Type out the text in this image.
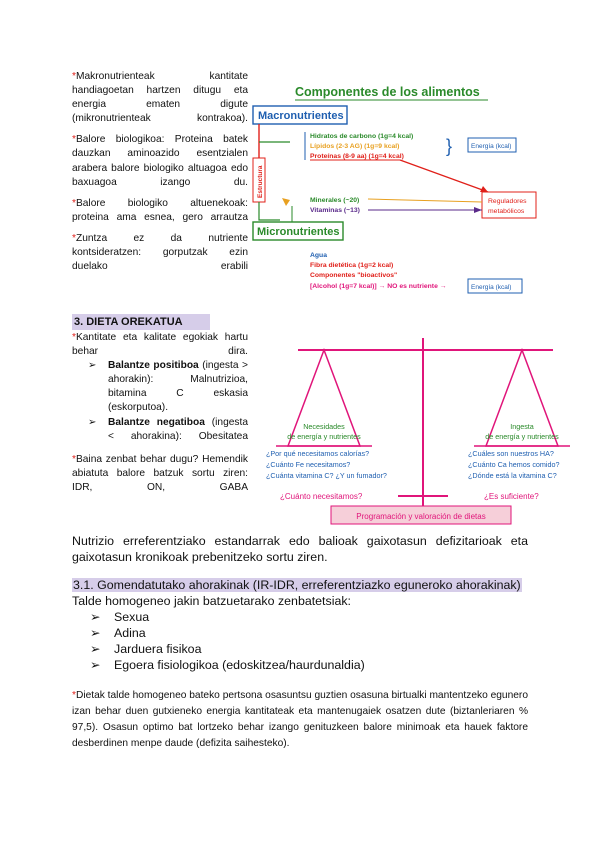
*Makronutrienteak kantitate handiagoetan hartzen ditugu eta energia ematen digute (mikronutrienteak kontrakoa).

*Balore biologikoa: Proteina batek dauzkan aminoazido esentzialen arabera balore biologiko altuagoa edo baxuagoa izango du.

*Balore biologiko altuenekoak: proteina ama esnea, gero arrautza

*Zuntza ez da nutriente kontsideratzen: gorputzak ezin duelako erabili

3. DIETA OREKATUA

*Kantitate eta kalitate egokiak hartu behar dira.

➢ Balantze positiboa (ingesta > ahorakin): Malnutrizioa, bitamina C eskasia (eskorputoa).
➢ Balantze negatiboa (ingesta < ahorakina): Obesitatea

*Baina zenbat behar dugu? Hemendik abiatuta balore batzuk sortu ziren: IDR, ON, GABA

Componentes de los alimentos
Macronutrientes
Estructura
Hidratos de carbono (1g=4 kcal)
Lípidos (2-3 AG) (1g=9 kcal)
Proteínas (8-9 aa) (1g=4 kcal)
}	Energía (kcal)
Reguladores
metabólicos
Minerales (~20)
Vitaminas (~13)
Micronutrientes
Agua
Fibra dietética (1g=2 kcal)
Componentes "bioactivos"
[Alcohol (1g=7 kcal)] → NO es nutriente →	Energía (kcal)
Necesidades
de energía y nutrientes
Ingesta
de energía y nutrientes
¿Por qué necesitamos calorías?
¿Cuánto Fe necesitamos?
¿Cuánta vitamina C? ¿Y un fumador?
¿Cuáles son nuestros HA?
¿Cuánto Ca hemos comido?
¿Dónde está la vitamina C?
¿Cuánto necesitamos?	¿Es suficiente?
Programación y valoración de dietas
Nutrizio erreferentziako estandarrak edo balioak gaixotasun defizitarioak eta gaixotasun kronikoak prebenitzeko sortu ziren.
3.1. Gomendatutako ahorakinak (IR-IDR, erreferentziazko eguneroko ahorakinak)
Talde homogeneo jakin batzuetarako zenbatetsiak:
➢ Sexua
➢ Adina
➢ Jarduera fisikoa
➢ Egoera fisiologikoa (edoskitzea/haurdunaldia)
*Dietak talde homogeneo bateko pertsona osasuntsu guztien osasuna birtualki mantentzeko egunero izan behar duen gutxieneko energia kantitateak eta mantenugaiek osatzen dute (biztanleriaren % 97,5). Osasun optimo bat lortzeko behar izango genituzkeen balore minimoak eta hauek faktore desberdinen menpe daude (defizita saihesteko).
